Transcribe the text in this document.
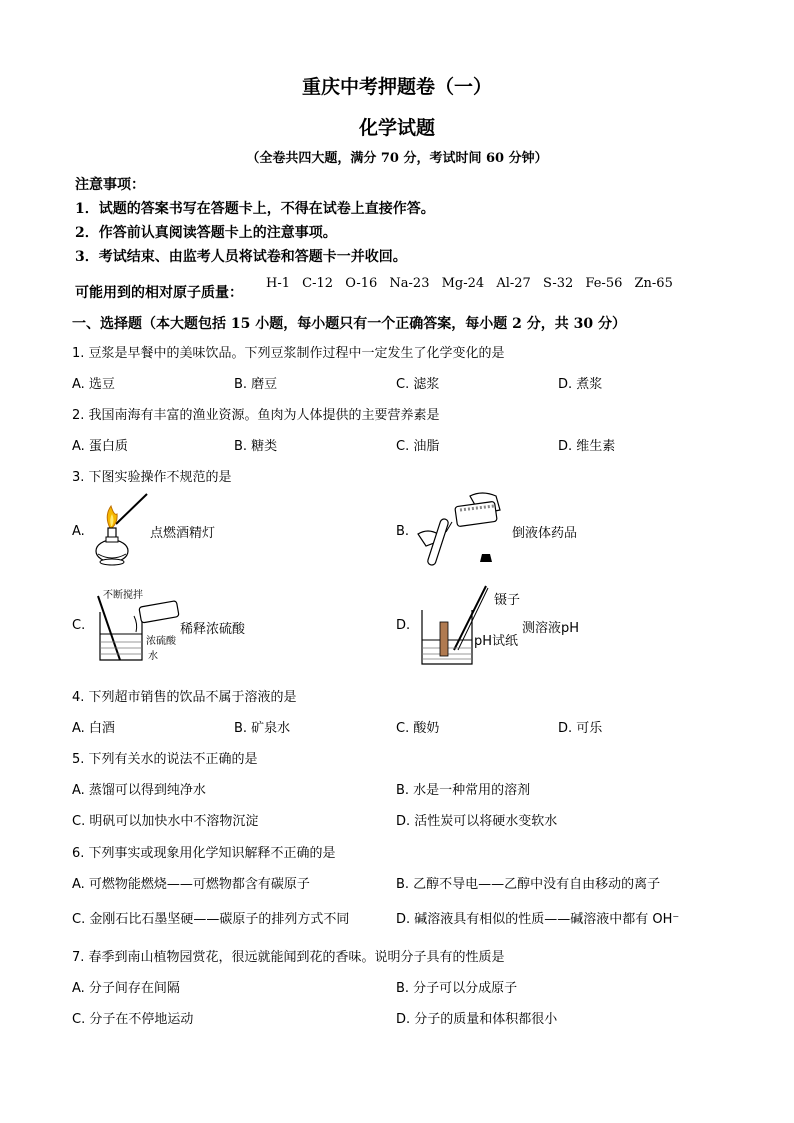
重庆中考押题卷（一）
化学试题
（全卷共四大题，满分 70 分，考试时间 60 分钟）
注意事项：
1．试题的答案书写在答题卡上，不得在试卷上直接作答。
2．作答前认真阅读答题卡上的注意事项。
3．考试结束、由监考人员将试卷和答题卡一并收回。
可能用到的相对原子质量：
H-1 C-12 O-16 Na-23 Mg-24 Al-27 S-32 Fe-56 Zn-65
一、选择题（本大题包括 15 小题，每小题只有一个正确答案，每小题 2 分，共 30 分）
1. 豆浆是早餐中的美味饮品。下列豆浆制作过程中一定发生了化学变化的是
A. 选豆	B. 磨豆	C. 滤浆	D. 煮浆
2. 我国南海有丰富的渔业资源。鱼肉为人体提供的主要营养素是
A. 蛋白质	B. 糖类	C. 油脂	D. 维生素
3. 下图实验操作不规范的是
A.	点燃酒精灯	B.	倒液体药品
C.
不断搅拌
稀释浓硫酸
浓硫酸
水
D.
镊子
测溶液pH
pH试纸
4. 下列超市销售的饮品不属于溶液的是
A. 白酒	B. 矿泉水	C. 酸奶	D. 可乐
5. 下列有关水的说法不正确的是
A. 蒸馏可以得到纯净水	B. 水是一种常用的溶剂
C. 明矾可以加快水中不溶物沉淀	D. 活性炭可以将硬水变软水
6. 下列事实或现象用化学知识解释不正确的是
A. 可燃物能燃烧——可燃物都含有碳原子	B. 乙醇不导电——乙醇中没有自由移动的离子
C. 金刚石比石墨坚硬——碳原子的排列方式不同	D. 碱溶液具有相似的性质——碱溶液中都有 OH⁻
7. 春季到南山植物园赏花，很远就能闻到花的香味。说明分子具有的性质是
A. 分子间存在间隔	B. 分子可以分成原子
C. 分子在不停地运动	D. 分子的质量和体积都很小
